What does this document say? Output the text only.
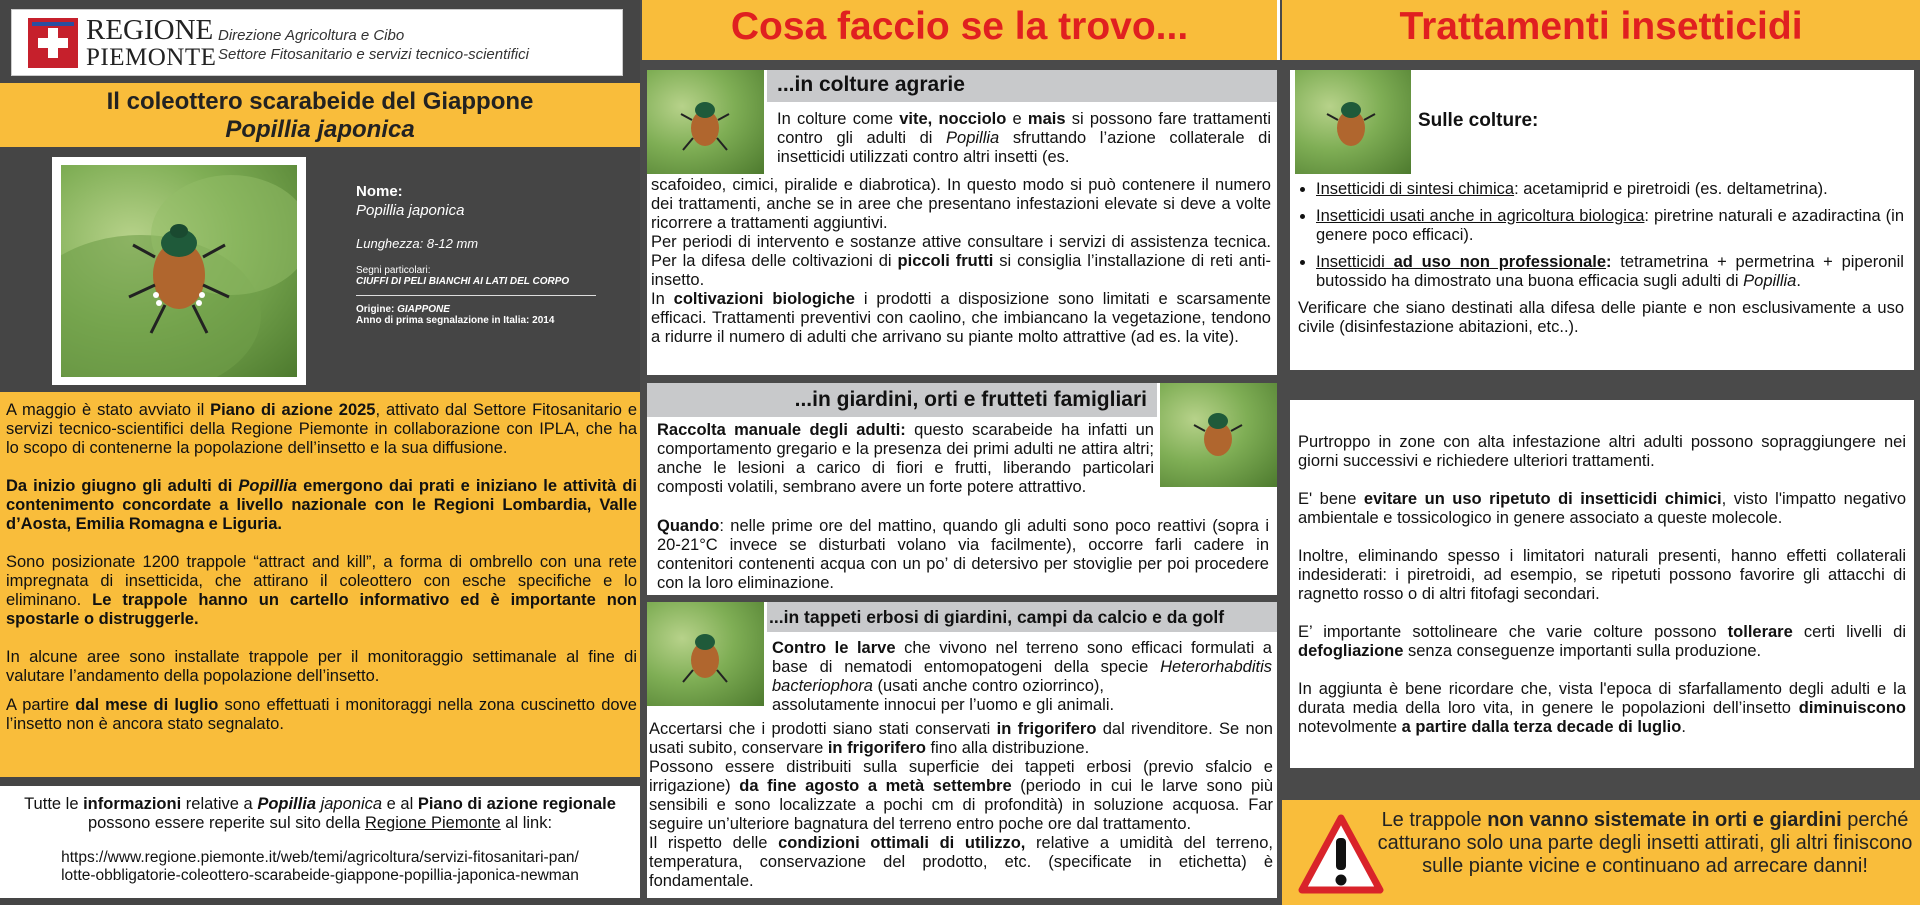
REGIONE
PIEMONTE
Direzione Agricoltura e Cibo
Settore Fitosanitario e servizi tecnico-scientifici
Il coleottero scarabeide del Giappone
Popillia japonica
Nome:
Popillia japonica
Lunghezza: 8-12 mm
Segni particolari:
CIUFFI DI PELI BIANCHI AI LATI DEL CORPO
Origine: GIAPPONE
Anno di prima segnalazione in Italia: 2014

A maggio è stato avviato il Piano di azione 2025, attivato dal Settore Fitosanitario e servizi tecnico-scientifici della Regione Piemonte in collaborazione con IPLA, che ha lo scopo di contenerne la popolazione dell’insetto e la sua diffusione.

Da inizio giugno gli adulti di Popillia emergono dai prati e iniziano le attività di contenimento concordate a livello nazionale con le Regioni Lombardia, Valle d’Aosta, Emilia Romagna e Liguria.

Sono posizionate 1200 trappole “attract and kill”, a forma di ombrello con una rete impregnata di insetticida, che attirano il coleottero con esche specifiche e lo eliminano. Le trappole hanno un cartello informativo ed è importante non spostarle o distruggerle.

In alcune aree sono installate trappole per il monitoraggio settimanale al fine di valutare l’andamento della popolazione dell’insetto.

A partire dal mese di luglio sono effettuati i monitoraggi nella zona cuscinetto dove l’insetto non è ancora stato segnalato.

Tutte le informazioni relative a Popillia japonica e al Piano di azione regionale
possono essere reperite sul sito della Regione Piemonte al link:
https://www.regione.piemonte.it/web/temi/agricoltura/servizi-fitosanitari-pan/
lotte-obbligatorie-coleottero-scarabeide-giappone-popillia-japonica-newman
Cosa faccio se la trovo...
...in colture agrarie
In colture come vite, nocciolo e mais si possono fare trattamenti contro gli adulti di Popillia sfruttando l’azione collaterale di insetticidi utilizzati contro altri insetti (es.

scafoideo, cimici, piralide e diabrotica). In questo modo si può contenere il numero dei trattamenti, anche se in aree che presentano infestazioni elevate si deve a volte ricorrere a trattamenti aggiuntivi.

Per periodi di intervento e sostanze attive consultare i servizi di assistenza tecnica. Per la difesa delle coltivazioni di piccoli frutti si consiglia l’installazione di reti anti-insetto.

In coltivazioni biologiche i prodotti a disposizione sono limitati e scarsamente efficaci. Trattamenti preventivi con caolino, che imbiancano la vegetazione, tendono a ridurre il numero di adulti che arrivano su piante molto attrattive (ad es. la vite).

...in giardini, orti e frutteti famigliari
Raccolta manuale degli adulti: questo scarabeide ha infatti un comportamento gregario e la presenza dei primi adulti ne attira altri; anche le lesioni a carico di fiori e frutti, liberando particolari composti volatili, sembrano avere un forte potere attrattivo.
Quando: nelle prime ore del mattino, quando gli adulti sono poco reattivi (sopra i 20-21°C invece se disturbati volano via facilmente), occorre farli cadere in contenitori contenenti acqua con un po’ di detersivo per stoviglie per poi procedere con la loro eliminazione.
...in tappeti erbosi di giardini, campi da calcio e da golf
Contro le larve che vivono nel terreno sono efficaci formulati a base di nematodi entomopatogeni della specie Heterorhabditis bacteriophora (usati anche contro oziorrinco),
assolutamente innocui per l’uomo e gli animali.

Accertarsi che i prodotti siano stati conservati in frigorifero dal rivenditore. Se non usati subito, conservare in frigorifero fino alla distribuzione.

Possono essere distribuiti sulla superficie dei tappeti erbosi (previo sfalcio e irrigazione) da fine agosto a metà settembre (periodo in cui le larve sono più sensibili e sono localizzate a pochi cm di profondità) in soluzione acquosa. Far seguire un’ulteriore bagnatura del terreno entro poche ore dal trattamento.

Il rispetto delle condizioni ottimali di utilizzo, relative a umidità del terreno, temperatura, conservazione del prodotto, etc. (specificate in etichetta) è fondamentale.

Trattamenti insetticidi
Sulle colture:
• Insetticidi di sintesi chimica: acetamiprid e piretroidi (es. deltametrina).
• Insetticidi usati anche in agricoltura biologica: piretrine naturali e azadiractina (in genere poco efficaci).
• Insetticidi ad uso non professionale: tetrametrina + permetrina + piperonil butossido ha dimostrato una buona efficacia sugli adulti di Popillia.

Verificare che siano destinati alla difesa delle piante e non esclusivamente a uso civile (disinfestazione abitazioni, etc..).

Purtroppo in zone con alta infestazione altri adulti possono sopraggiungere nei giorni successivi e richiedere ulteriori trattamenti.

E' bene evitare un uso ripetuto di insetticidi chimici, visto l'impatto negativo ambientale e tossicologico in genere associato a queste molecole.

Inoltre, eliminando spesso i limitatori naturali presenti, hanno effetti collaterali indesiderati: i piretroidi, ad esempio, se ripetuti possono favorire gli attacchi di ragnetto rosso o di altri fitofagi secondari.

E’ importante sottolineare che varie colture possono tollerare certi livelli di defogliazione senza conseguenze importanti sulla produzione.

In aggiunta è bene ricordare che, vista l'epoca di sfarfallamento degli adulti e la durata media della loro vita, in genere le popolazioni dell’insetto diminuiscono notevolmente a partire dalla terza decade di luglio.

Le trappole non vanno sistemate in orti e giardini perché catturano solo una parte degli insetti attirati, gli altri finiscono sulle piante vicine e continuano ad arrecare danni!
